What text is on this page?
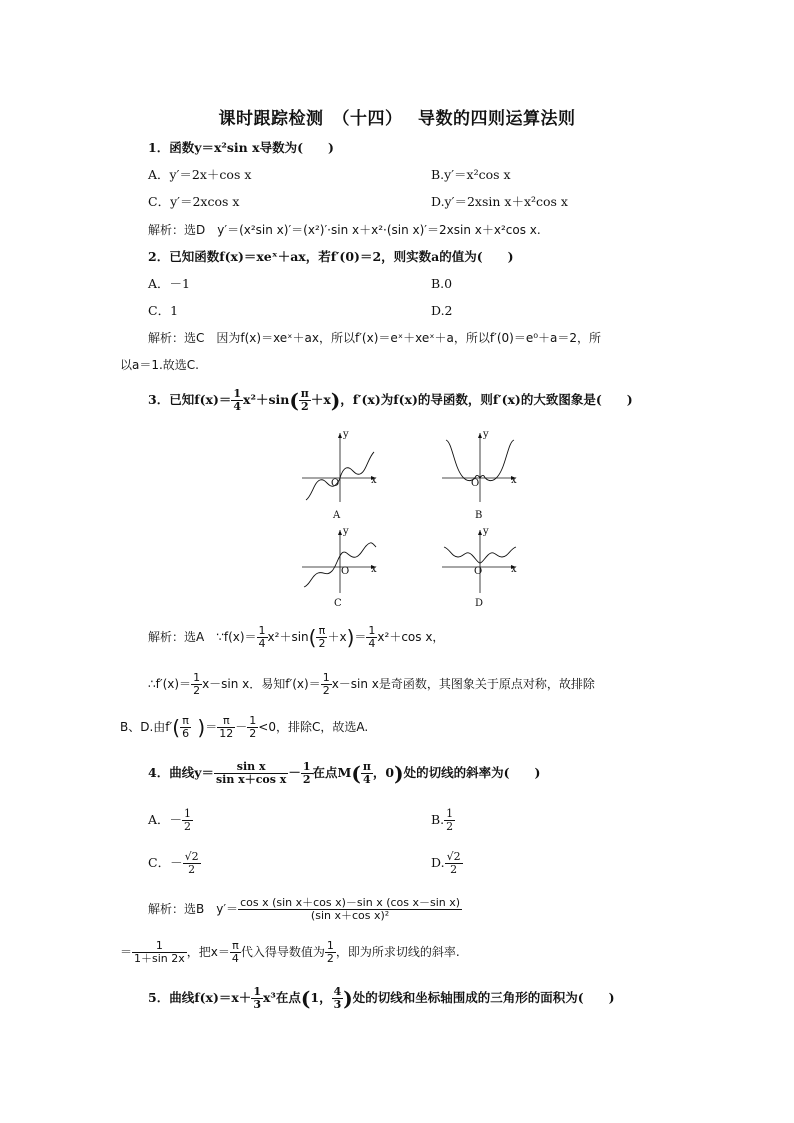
课时跟踪检测　（十四）　 导数的四则运算法则
1．函数y＝x²sin x导数为(　　)
A．y′＝2x＋cos x	B.y′＝x²cos x
C．y′＝2xcos x	D.y′＝2xsin x＋x²cos x
解析：选D　y′＝(x²sin x)′＝(x²)′·sin x＋x²·(sin x)′＝2xsin x＋x²cos x.
2．已知函数f(x)＝xeˣ＋ax，若f′(0)＝2，则实数a的值为(　　)
A．－1	B.0
C．1	D.2
解析：选C　因为f(x)＝xeˣ＋ax，所以f′(x)＝eˣ＋xeˣ＋a，所以f′(0)＝e⁰＋a＝2，所
以a＝1.故选C.
3．已知$f(x)= \frac{1}{4} x^2+\sin( \frac{\pi}{2} +x)$，f′(x)为f(x)的导函数，则f′(x)的大致图象是(　　)
y
x
O
A
y
x
O
B
y
x
O
C
y
x
O
D
解析：选A　∵f(x)＝ $\frac{1}{4} x^2+\sin( \frac{\pi}{2} +x)= \frac{1}{4} x^2+\cos$ x，
∴f′(x)＝ $\frac{1}{2} x-\sin$ x．易知$f'(x)= \frac{1}{2} x-\sin$ x是奇函数，其图象关于原点对称，故排除
B、D.由$f'( \frac{\pi}{6}$ )＝ $\frac{\pi}{12} - \frac{1}{2} <0$，排除C，故选A.
4．曲线$y= \frac{\text{sin x}}{\text{sin x＋cos x}} - \frac{1}{2}$ 在点$M( \frac{\pi}{4}$ ，0)处的切线的斜率为(　　)
A．－ $\frac{1}{2}$	B. $\frac{1}{2}$
C．－ $\frac{√2}{2}$	D. $\frac{√2}{2}$
解析：选B　$y'= \frac{\text{cos x (sin x＋cos x)－sin x (cos x－sin x)}}{\text{(sin x＋cos x)²}}$
＝ $\frac{1}{1+\sin 2x}$ ，把$x= \frac{\pi}{4}$ 代入得导数值为 $\frac{1}{2}$ ，即为所求切线的斜率.
5．曲线$f(x)=x+ \frac{1}{3} x^3$在点(1， $\frac{4}{3}$ )处的切线和坐标轴围成的三角形的面积为(　　)
